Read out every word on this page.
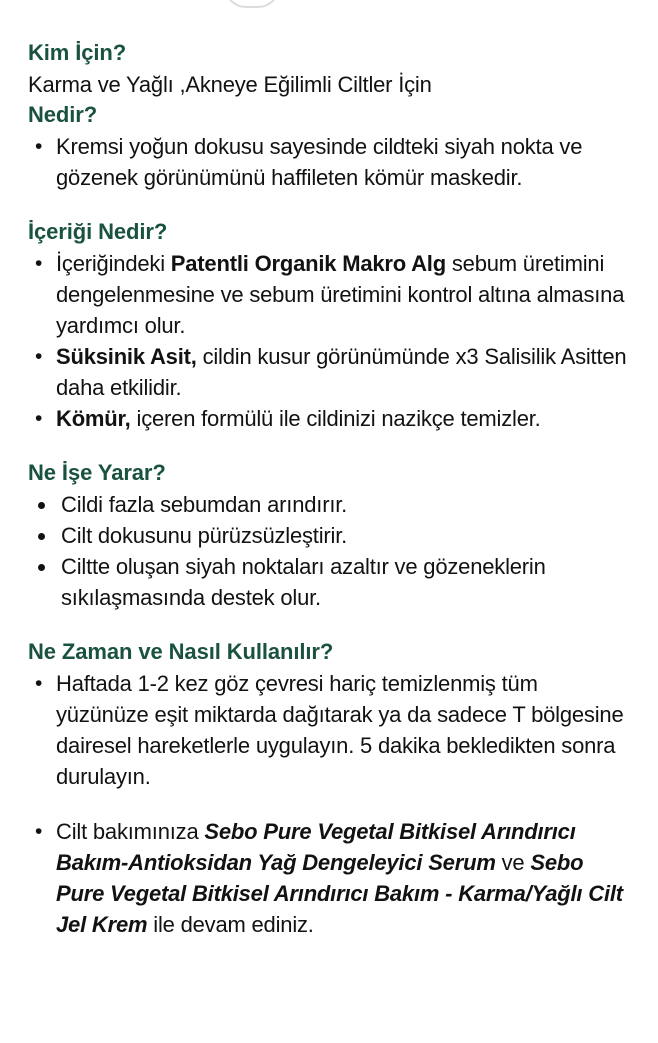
Kim İçin?

Karma ve Yağlı ,Akneye Eğilimli Ciltler İçin

Nedir?
• Kremsi yoğun dokusu sayesinde cildteki siyah nokta ve gözenek görünümünü haffileten kömür maskedir.
İçeriği Nedir?
• İçeriğindeki Patentli Organik Makro Alg sebum üretimini dengelenmesine ve sebum üretimini kontrol altına almasına yardımcı olur.
• Süksinik Asit, cildin kusur görünümünde x3 Salisilik Asitten daha etkilidir.
• Kömür, içeren formülü ile cildinizi nazikçe temizler.
Ne İşe Yarar?
Cildi fazla sebumdan arındırır.
Cilt dokusunu pürüzsüzleştirir.
Ciltte oluşan siyah noktaları azaltır ve gözeneklerin sıkılaşmasında destek olur.
Ne Zaman ve Nasıl Kullanılır?
• Haftada 1-2 kez göz çevresi hariç temizlenmiş tüm yüzünüze eşit miktarda dağıtarak ya da sadece T bölgesine dairesel hareketlerle uygulayın. 5 dakika bekledikten sonra durulayın.
• Cilt bakımınıza Sebo Pure Vegetal Bitkisel Arındırıcı Bakım-Antioksidan Yağ Dengeleyici Serum ve Sebo Pure Vegetal Bitkisel Arındırıcı Bakım - Karma/Yağlı Cilt Jel Krem ile devam ediniz.
